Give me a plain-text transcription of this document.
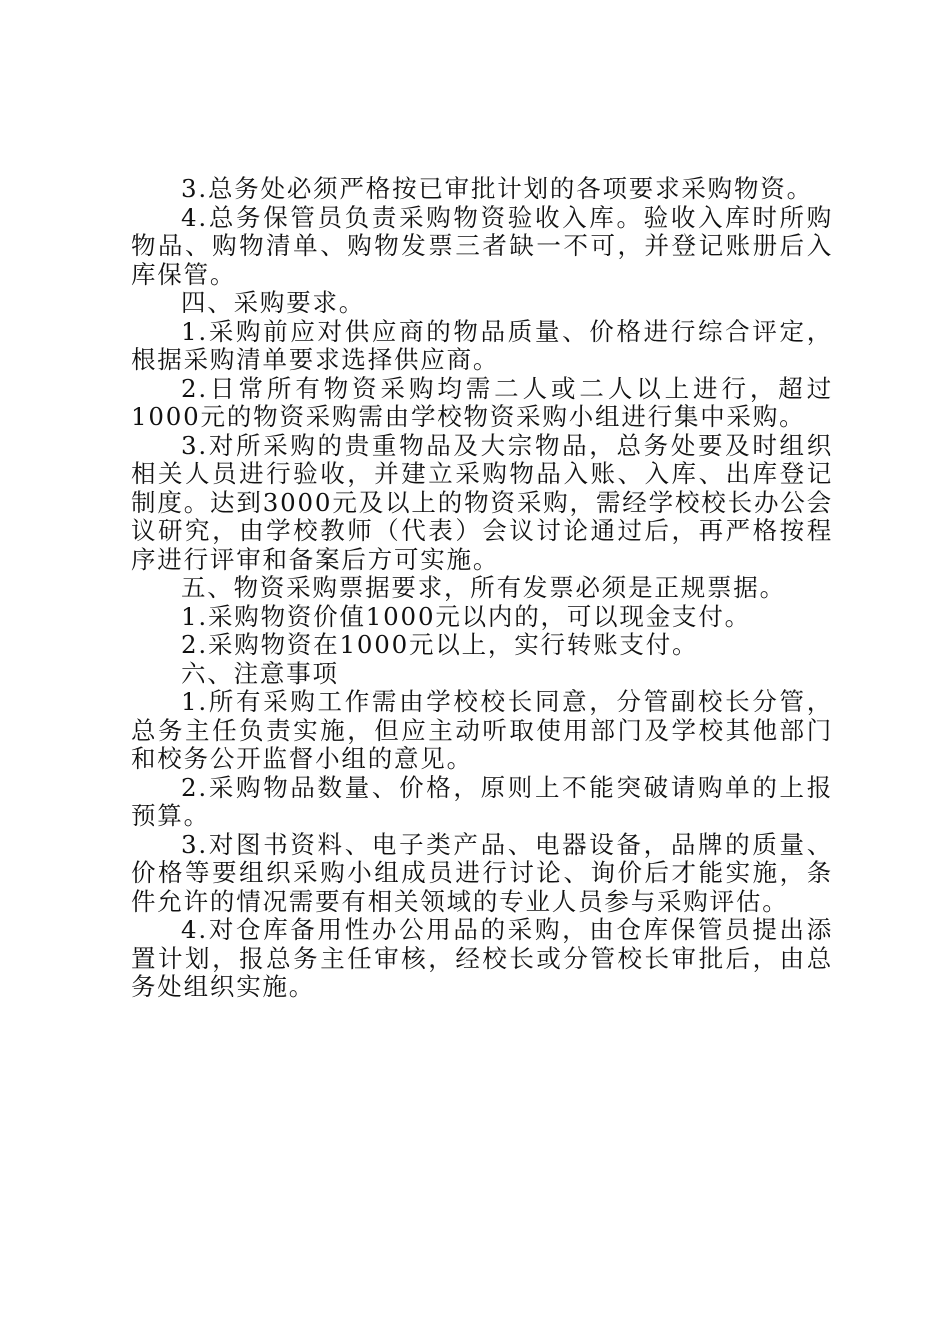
3.总务处必须严格按已审批计划的各项要求采购物资。

4.总务保管员负责采购物资验收入库。验收入库时所购物品、购物清单、购物发票三者缺一不可，并登记账册后入库保管。

四、采购要求。

1.采购前应对供应商的物品质量、价格进行综合评定，根据采购清单要求选择供应商。

2.日常所有物资采购均需二人或二人以上进行，超过1000元的物资采购需由学校物资采购小组进行集中采购。

3.对所采购的贵重物品及大宗物品，总务处要及时组织相关人员进行验收，并建立采购物品入账、入库、出库登记制度。达到3000元及以上的物资采购，需经学校校长办公会议研究，由学校教师（代表）会议讨论通过后，再严格按程序进行评审和备案后方可实施。

五、物资采购票据要求，所有发票必须是正规票据。

1.采购物资价值1000元以内的，可以现金支付。

2.采购物资在1000元以上，实行转账支付。

六、注意事项

1.所有采购工作需由学校校长同意，分管副校长分管，总务主任负责实施，但应主动听取使用部门及学校其他部门和校务公开监督小组的意见。

2.采购物品数量、价格，原则上不能突破请购单的上报预算。

3.对图书资料、电子类产品、电器设备，品牌的质量、价格等要组织采购小组成员进行讨论、询价后才能实施，条件允许的情况需要有相关领域的专业人员参与采购评估。

4.对仓库备用性办公用品的采购，由仓库保管员提出添置计划，报总务主任审核，经校长或分管校长审批后，由总务处组织实施。
